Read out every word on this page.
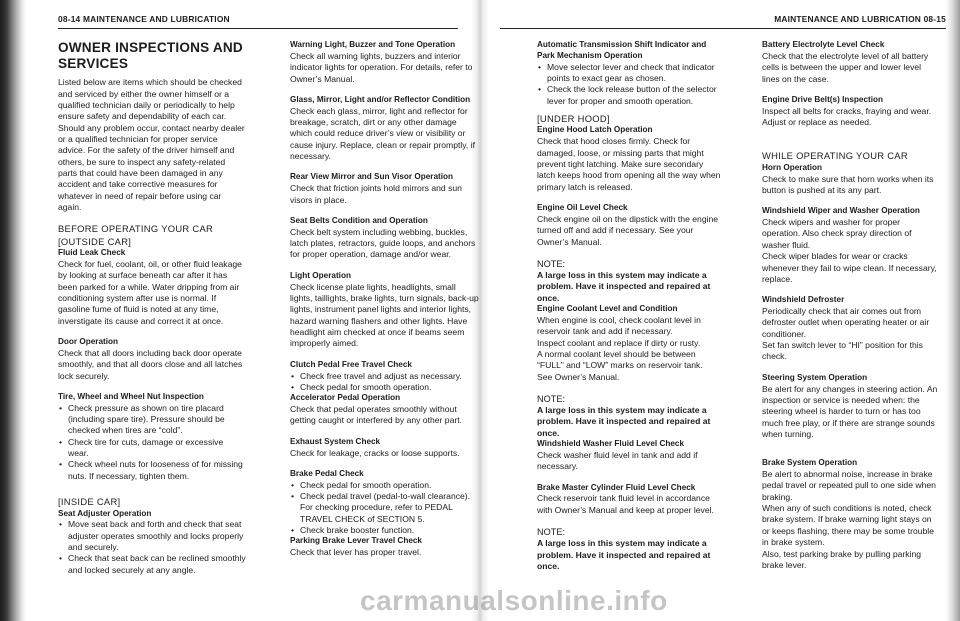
08-14 MAINTENANCE AND LUBRICATION	MAINTENANCE AND LUBRICATION 08-15

OWNER INSPECTIONS AND SERVICES

Listed below are items which should be checked and serviced by either the owner himself or a qualified technician daily or periodically to help ensure safety and dependability of each car. Should any problem occur, contact nearby dealer or a qualified technician for proper service advice. For the safety of the driver himself and others, be sure to inspect any safety-related parts that could have been damaged in any accident and take corrective measures for whatever in need of repair before using car again.

BEFORE OPERATING YOUR CAR

[OUTSIDE CAR]

Fluid Leak Check

Check for fuel, coolant, oil, or other fluid leakage by looking at surface beneath car after it has been parked for a while. Water dripping from air conditioning system after use is normal. If gasoline fume of fluid is noted at any time, inverstigate its cause and correct it at once.

Door Operation

Check that all doors including back door operate smoothly, and that all doors close and all latches lock securely.

Tire, Wheel and Wheel Nut Inspection

• Check pressure as shown on tire placard (including spare tire). Pressure should be checked when tires are “cold”.
• Check tire for cuts, damage or excessive wear.
• Check wheel nuts for looseness of for missing nuts. If necessary, tighten them.

[INSIDE CAR]

Seat Adjuster Operation

• Move seat back and forth and check that seat adjuster operates smoothly and locks properly and securely.
• Check that seat back can be reclined smoothly and locked securely at any angle.

Warning Light, Buzzer and Tone Operation

Check all warning lights, buzzers and interior indicator lights for operation. For details, refer to Owner’s Manual.

Glass, Mirror, Light and/or Reflector Condition

Check each glass, mirror, light and reflector for breakage, scratch, dirt or any other damage which could reduce driver’s view or visibility or cause injury. Replace, clean or repair promptly, if necessary.

Rear View Mirror and Sun Visor Operation

Check that friction joints hold mirrors and sun visors in place.

Seat Belts Condition and Operation

Check belt system including webbing, buckles, latch plates, retractors, guide loops, and anchors for proper operation, damage and/or wear.

Light Operation

Check license plate lights, headlights, small lights, taillights, brake lights, turn signals, back-up lights, instrument panel lights and interior lights, hazard warning flashers and other lights. Have headlight aim checked at once if beams seem improperly aimed.

Clutch Pedal Free Travel Check

• Check free travel and adjust as necessary.
• Check pedal for smooth operation.

Accelerator Pedal Operation

Check that pedal operates smoothly without getting caught or interfered by any other part.

Exhaust System Check

Check for leakage, cracks or loose supports.

Brake Pedal Check

• Check pedal for smooth operation.
• Check pedal travel (pedal-to-wall clearance).

For checking procedure, refer to PEDAL TRAVEL CHECK of SECTION 5.

• Check brake booster function.

Parking Brake Lever Travel Check

Check that lever has proper travel.

Automatic Transmission Shift Indicator and Park Mechanism Operation

• Move selector lever and check that indicator points to exact gear as chosen.
• Check the lock release button of the selector lever for proper and smooth operation.

[UNDER HOOD]

Engine Hood Latch Operation

Check that hood closes firmly. Check for damaged, loose, or missing parts that might prevent tight latching. Make sure secondary latch keeps hood from opening all the way when primary latch is released.

Engine Oil Level Check

Check engine oil on the dipstick with the engine turned off and add if necessary. See your Owner’s Manual.

NOTE:

A large loss in this system may indicate a problem. Have it inspected and repaired at once.

Engine Coolant Level and Condition

When engine is cool, check coolant level in reservoir tank and add if necessary.

Inspect coolant and replace if dirty or rusty.

A normal coolant level should be between “FULL” and “LOW” marks on reservoir tank.

See Owner’s Manual.

NOTE:

A large loss in this system may indicate a problem. Have it inspected and repaired at once.

Windshield Washer Fluid Level Check

Check washer fluid level in tank and add if necessary.

Brake Master Cylinder Fluid Level Check

Check reservoir tank fluid level in accordance with Owner’s Manual and keep at proper level.

NOTE:

A large loss in this system may indicate a problem. Have it inspected and repaired at once.

Battery Electrolyte Level Check

Check that the electrolyte level of all battery cells is between the upper and lower level lines on the case.

Engine Drive Belt(s) Inspection

Inspect all belts for cracks, fraying and wear. Adjust or replace as needed.

WHILE OPERATING YOUR CAR

Horn Operation

Check to make sure that horn works when its button is pushed at its any part.

Windshield Wiper and Washer Operation

Check wipers and washer for proper operation. Also check spray direction of washer fluid.

Check wiper blades for wear or cracks whenever they fail to wipe clean. If necessary, replace.

Windshield Defroster

Periodically check that air comes out from defroster outlet when operating heater or air conditioner.

Set fan switch lever to “HI” position for this check.

Steering System Operation

Be alert for any changes in steering action. An inspection or service is needed when: the steering wheel is harder to turn or has too much free play, or if there are strange sounds when turning.

Brake System Operation

Be alert to abnormal noise, increase in brake pedal travel or repeated pull to one side when braking.

When any of such conditions is noted, check brake system. If brake warning light stays on or keeps flashing, there may be some trouble in brake system.

Also, test parking brake by pulling parking brake lever.

carmanualsonline.info
